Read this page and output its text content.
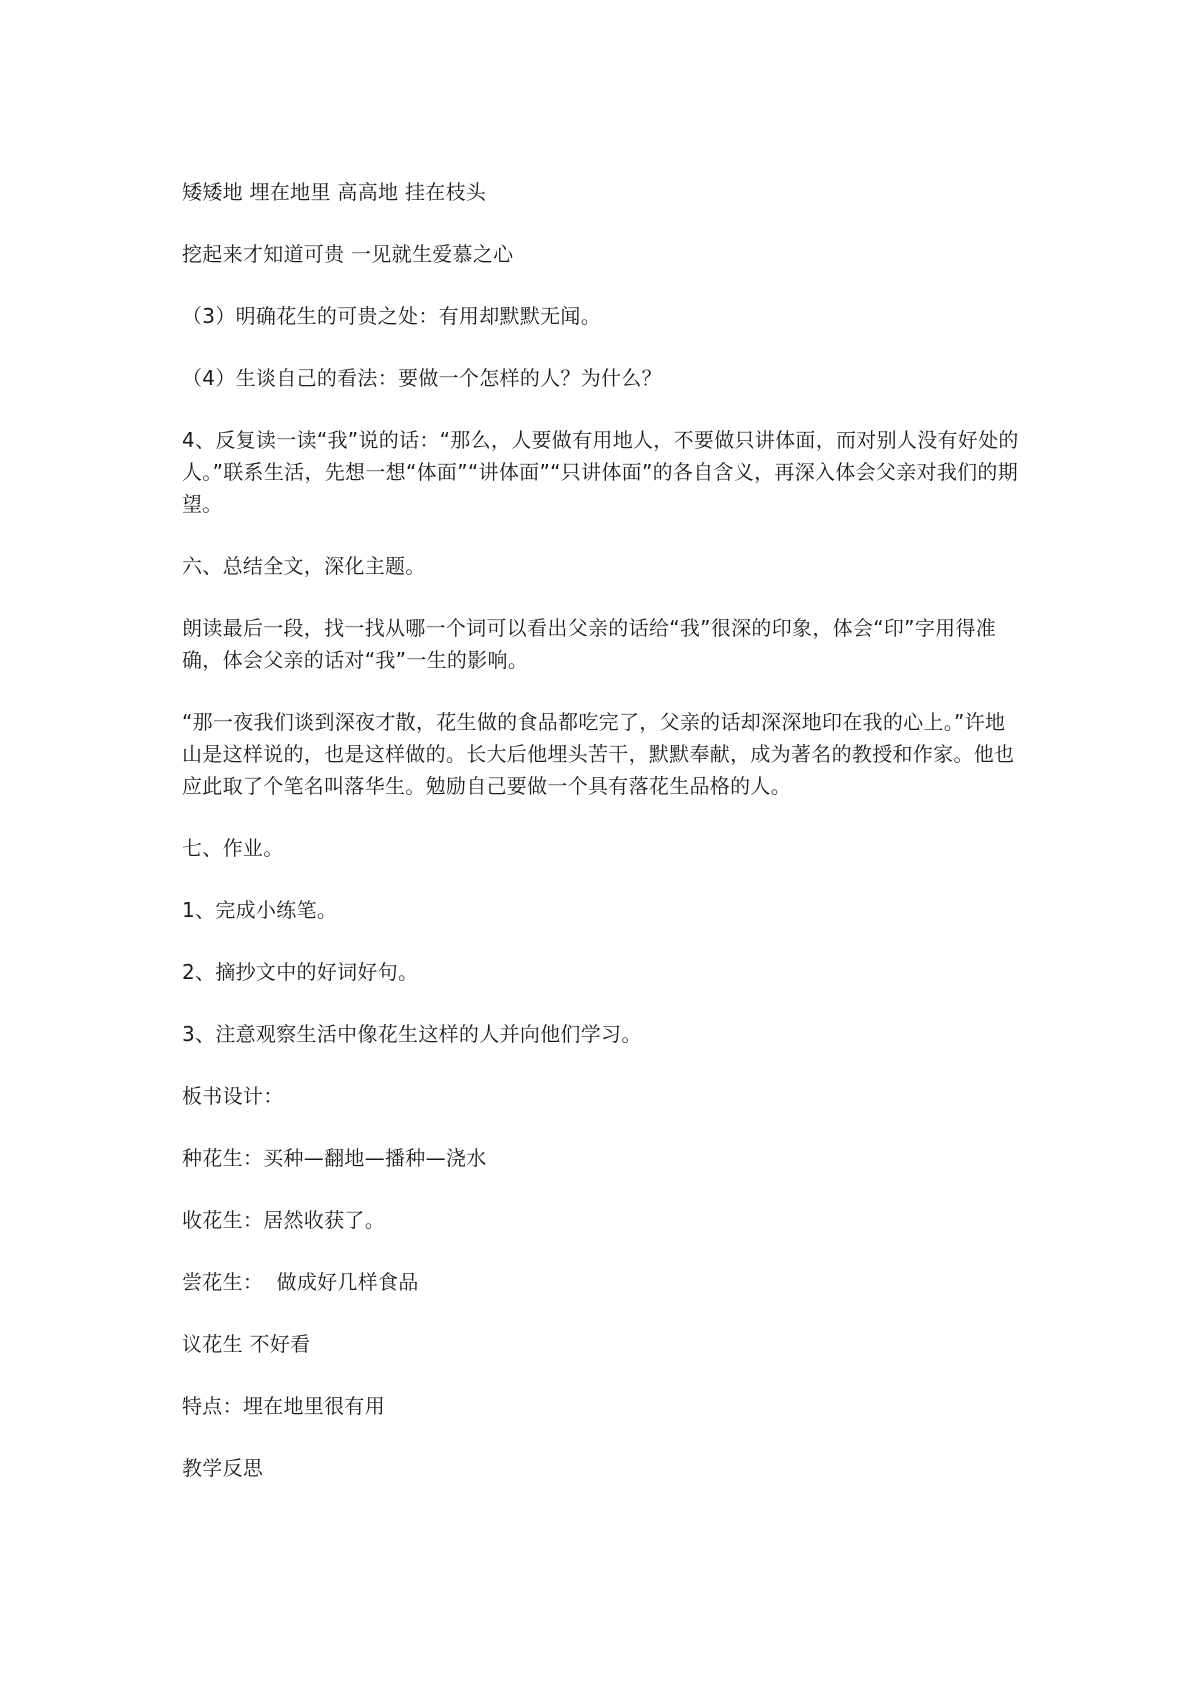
矮矮地 埋在地里 高高地 挂在枝头

挖起来才知道可贵 一见就生爱慕之心

（3）明确花生的可贵之处：有用却默默无闻。

（4）生谈自己的看法：要做一个怎样的人？为什么？

4、反复读一读“我”说的话：“那么，人要做有用地人，不要做只讲体面，而对别人没有好处的人。”联系生活，先想一想“体面”“讲体面”“只讲体面”的各自含义，再深入体会父亲对我们的期望。

六、总结全文，深化主题。

朗读最后一段，找一找从哪一个词可以看出父亲的话给“我”很深的印象，体会“印”字用得准确，体会父亲的话对“我”一生的影响。

“那一夜我们谈到深夜才散，花生做的食品都吃完了，父亲的话却深深地印在我的心上。”许地山是这样说的，也是这样做的。长大后他埋头苦干，默默奉献，成为著名的教授和作家。他也应此取了个笔名叫落华生。勉励自己要做一个具有落花生品格的人。

七、作业。

1、完成小练笔。

2、摘抄文中的好词好句。

3、注意观察生活中像花生这样的人并向他们学习。

板书设计：

种花生：买种—翻地—播种—浇水

收花生：居然收获了。

尝花生：  做成好几样食品

议花生 不好看

特点：埋在地里很有用

教学反思
